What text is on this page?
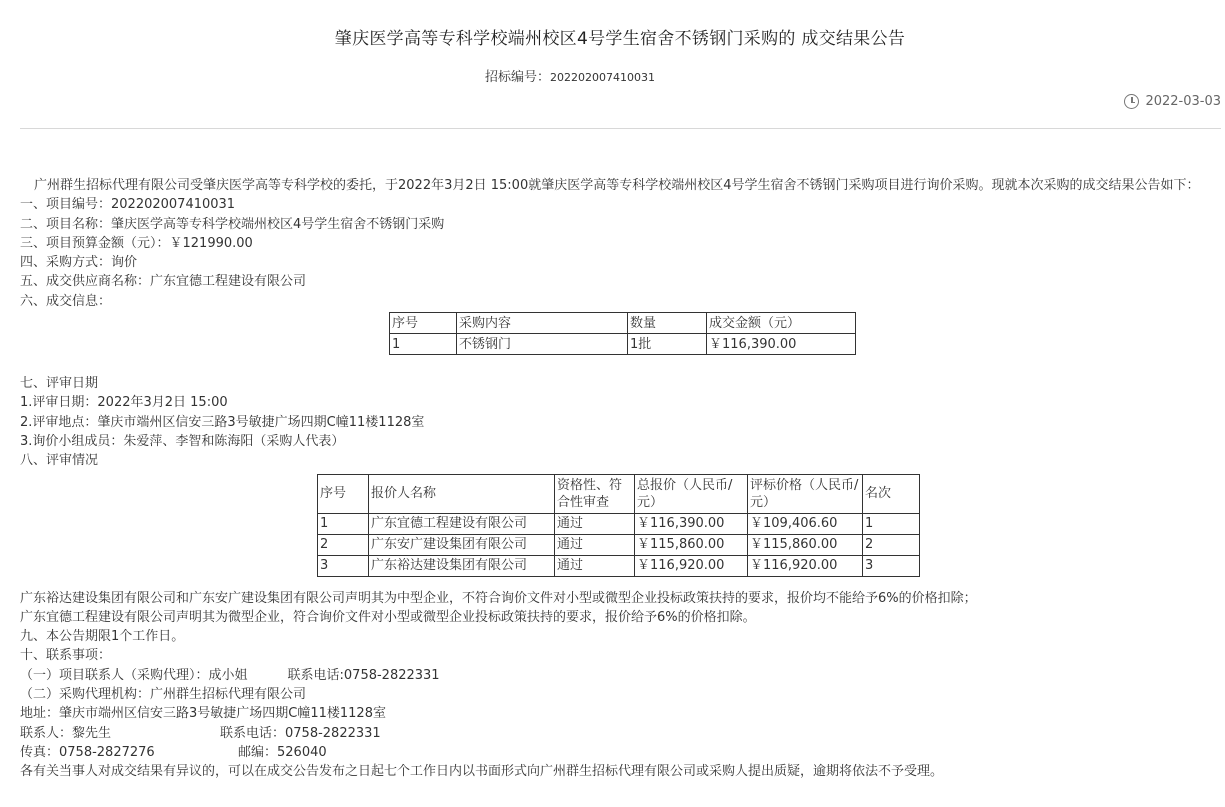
肇庆医学高等专科学校端州校区4号学生宿舍不锈钢门采购的 成交结果公告
招标编号：202202007410031
2022-03-03

广州群生招标代理有限公司受肇庆医学高等专科学校的委托，于2022年3月2日 15:00就肇庆医学高等专科学校端州校区4号学生宿舍不锈钢门采购项目进行询价采购。现就本次采购的成交结果公告如下：

一、项目编号：202202007410031

二、项目名称：肇庆医学高等专科学校端州校区4号学生宿舍不锈钢门采购

三、项目预算金额（元）：￥121990.00

四、采购方式：询价

五、成交供应商名称：广东宜德工程建设有限公司

六、成交信息：

序号	采购内容	数量	成交金额（元）
1	不锈钢门	1批	￥116,390.00

七、评审日期

1.评审日期：2022年3月2日 15:00

2.评审地点：肇庆市端州区信安三路3号敏捷广场四期C幢11楼1128室

3.询价小组成员：朱爱萍、李智和陈海阳（采购人代表）

八、评审情况

序号	报价人名称	资格性、符合性审查	总报价（人民币/元）	评标价格（人民币/元）	名次
1	广东宜德工程建设有限公司	通过	￥116,390.00	￥109,406.60	1
2	广东安广建设集团有限公司	通过	￥115,860.00	￥115,860.00	2
3	广东裕达建设集团有限公司	通过	￥116,920.00	￥116,920.00	3

广东裕达建设集团有限公司和广东安广建设集团有限公司声明其为中型企业，不符合询价文件对小型或微型企业投标政策扶持的要求，报价均不能给予6%的价格扣除；

广东宜德工程建设有限公司声明其为微型企业，符合询价文件对小型或微型企业投标政策扶持的要求，报价给予6%的价格扣除。

九、本公告期限1个工作日。

十、联系事项：

（一）项目联系人（采购代理）：成小姐	联系电话:0758-2822331

（二）采购代理机构：广州群生招标代理有限公司

地址：肇庆市端州区信安三路3号敏捷广场四期C幢11楼1128室

联系人：黎先生	联系电话：0758-2822331

传真：0758-2827276	邮编：526040

各有关当事人对成交结果有异议的，可以在成交公告发布之日起七个工作日内以书面形式向广州群生招标代理有限公司或采购人提出质疑，逾期将依法不予受理。
